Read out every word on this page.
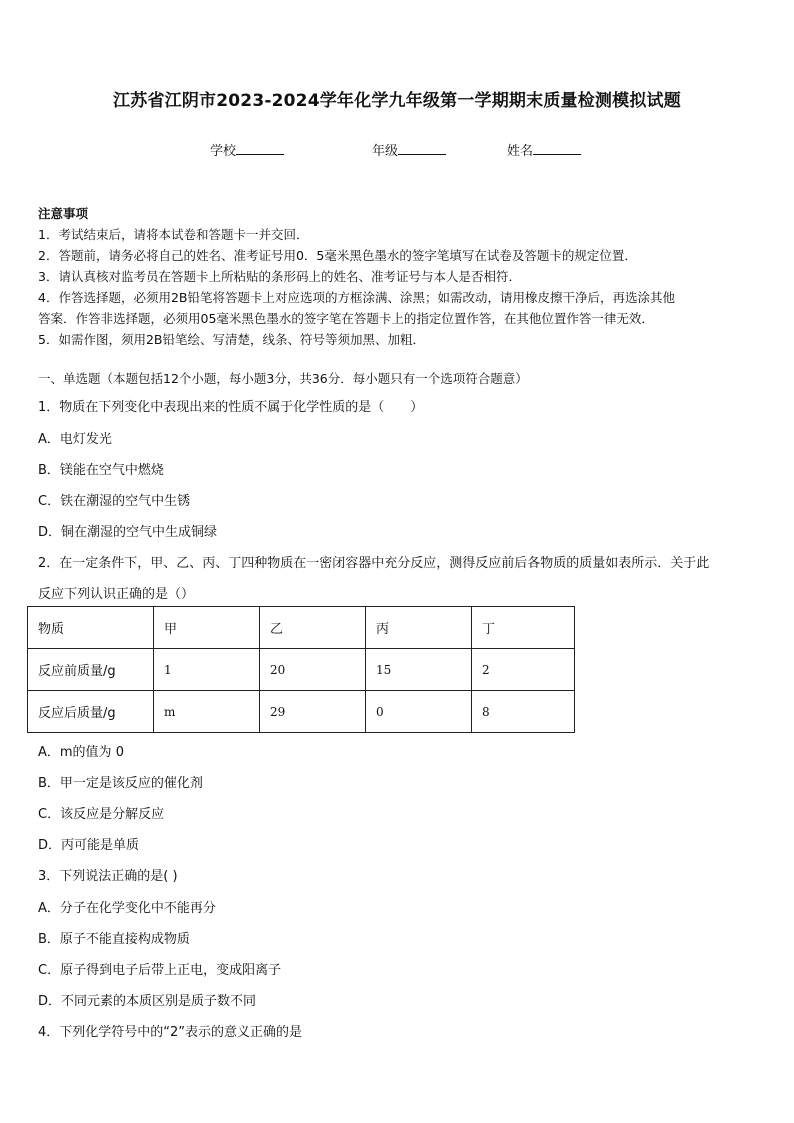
江苏省江阴市2023-2024学年化学九年级第一学期期末质量检测模拟试题
学校	年级	姓名
注意事项
1．考试结束后，请将本试卷和答题卡一并交回．
2．答题前，请务必将自己的姓名、准考证号用0．5毫米黑色墨水的签字笔填写在试卷及答题卡的规定位置．
3．请认真核对监考员在答题卡上所粘贴的条形码上的姓名、准考证号与本人是否相符．
4．作答选择题，必须用2B铅笔将答题卡上对应选项的方框涂满、涂黑；如需改动，请用橡皮擦干净后，再选涂其他
答案．作答非选择题，必须用05毫米黑色墨水的签字笔在答题卡上的指定位置作答，在其他位置作答一律无效．
5．如需作图，须用2B铅笔绘、写清楚，线条、符号等须加黑、加粗．
一、单选题（本题包括12个小题，每小题3分，共36分．每小题只有一个选项符合题意）
1．物质在下列变化中表现出来的性质不属于化学性质的是（　　）
A．电灯发光
B．镁能在空气中燃烧
C．铁在潮湿的空气中生锈
D．铜在潮湿的空气中生成铜绿
2．在一定条件下，甲、乙、丙、丁四种物质在一密闭容器中充分反应，测得反应前后各物质的质量如表所示．关于此
反应下列认识正确的是（）
物质	甲	乙	丙	丁
反应前质量/g	1	20	15	2
反应后质量/g	m	29	0	8
A．m的值为 0
B．甲一定是该反应的催化剂
C．该反应是分解反应
D．丙可能是单质
3．下列说法正确的是( )
A．分子在化学变化中不能再分
B．原子不能直接构成物质
C．原子得到电子后带上正电，变成阳离子
D．不同元素的本质区别是质子数不同
4．下列化学符号中的“2”表示的意义正确的是
